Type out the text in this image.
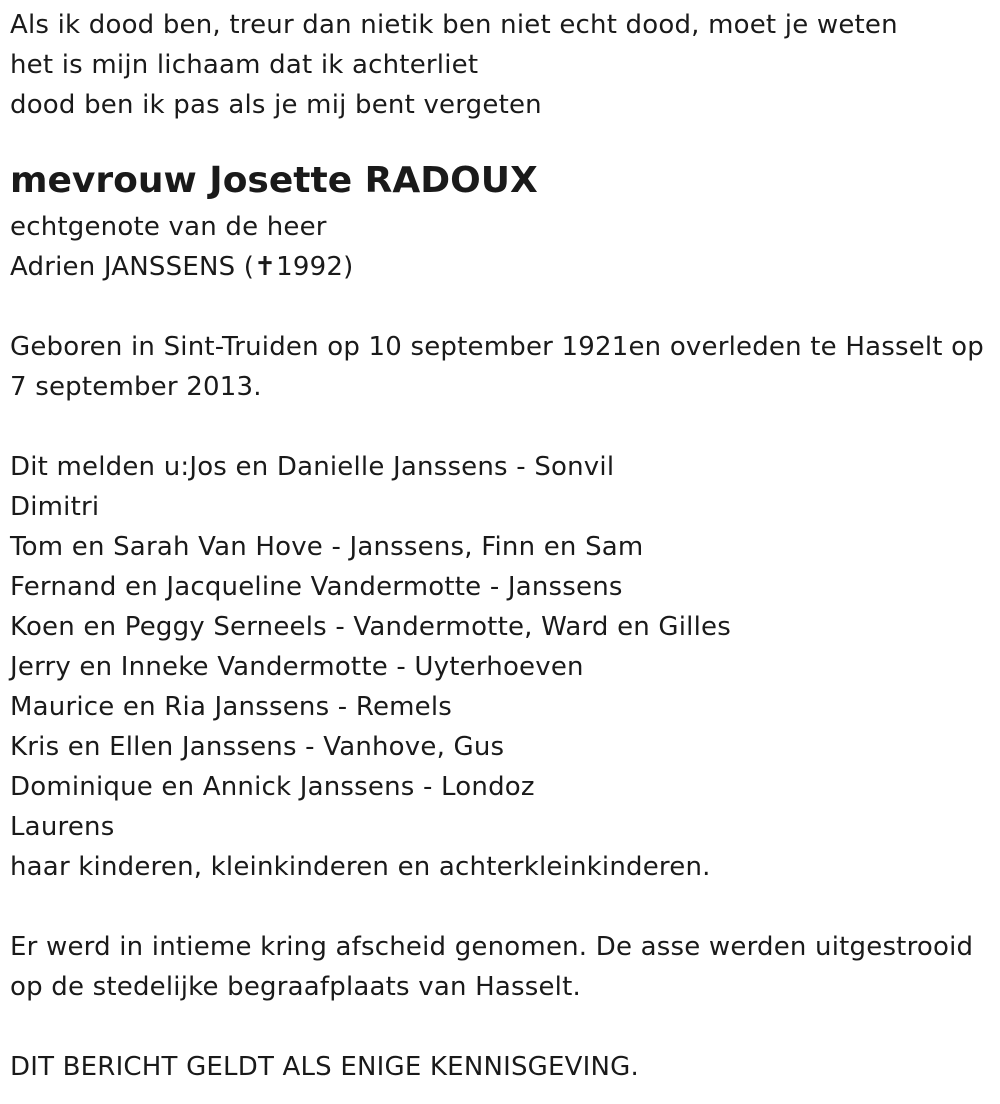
Als ik dood ben, treur dan nietik ben niet echt dood, moet je weten
het is mijn lichaam dat ik achterliet
dood ben ik pas als je mij bent vergeten
mevrouw Josette RADOUX
echtgenote van de heer
Adrien JANSSENS (✝1992)
Geboren in Sint-Truiden op 10 september 1921en overleden te Hasselt op
7 september 2013.
Dit melden u:Jos en Danielle Janssens - Sonvil
Dimitri
Tom en Sarah Van Hove - Janssens, Finn en Sam
Fernand en Jacqueline Vandermotte - Janssens
Koen en Peggy Serneels - Vandermotte, Ward en Gilles
Jerry en Inneke Vandermotte - Uyterhoeven
Maurice en Ria Janssens - Remels
Kris en Ellen Janssens - Vanhove, Gus
Dominique en Annick Janssens - Londoz
Laurens
haar kinderen, kleinkinderen en achterkleinkinderen.
Er werd in intieme kring afscheid genomen. De asse werden uitgestrooid
op de stedelijke begraafplaats van Hasselt.
DIT BERICHT GELDT ALS ENIGE KENNISGEVING.
